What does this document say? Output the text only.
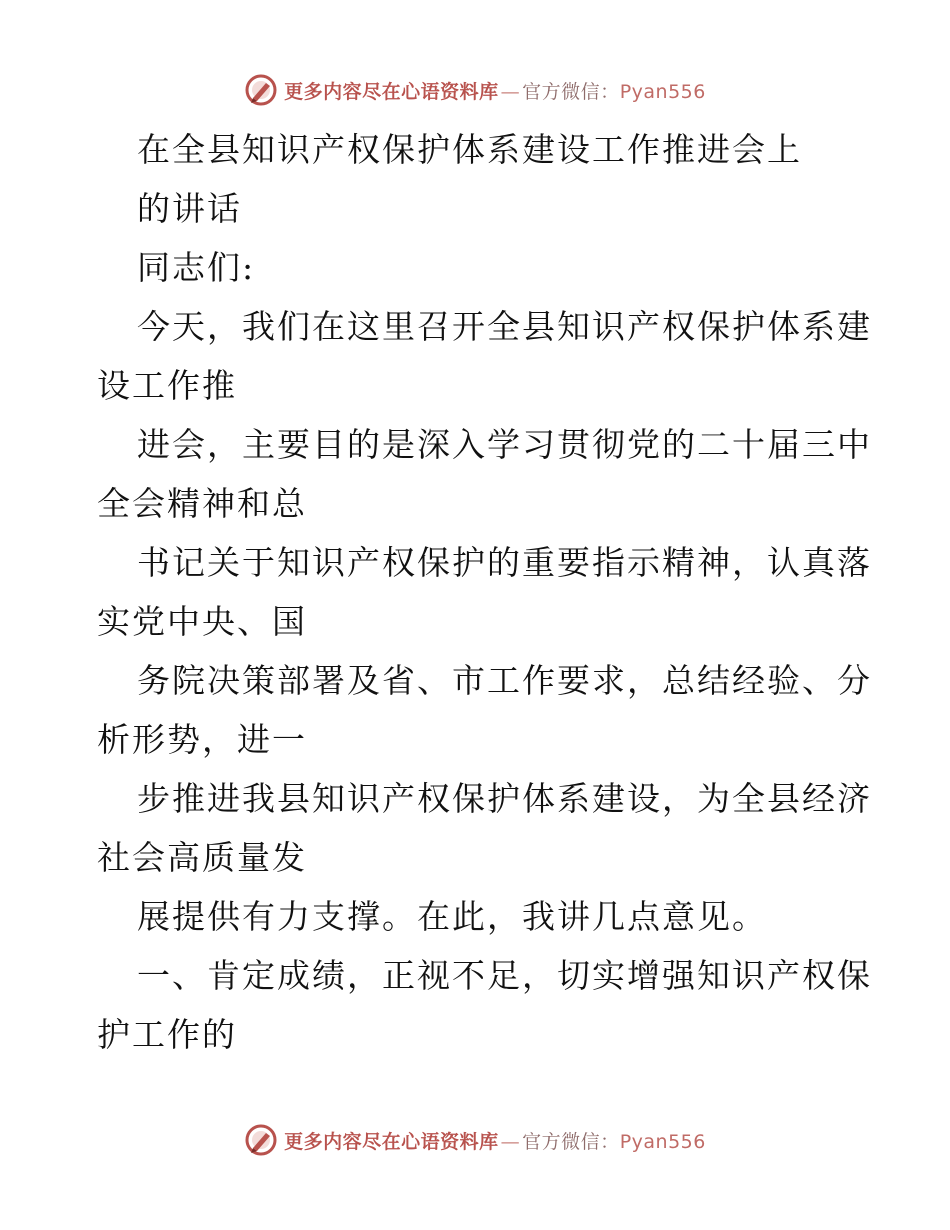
更多内容尽在心语资料库 — 官方微信：Pyan556
在全县知识产权保护体系建设工作推进会上
的讲话
同志们:
今天，我们在这里召开全县知识产权保护体系建
设工作推
进会，主要目的是深入学习贯彻党的二十届三中
全会精神和总
书记关于知识产权保护的重要指示精神，认真落
实党中央、国
务院决策部署及省、市工作要求，总结经验、分
析形势，进一
步推进我县知识产权保护体系建设，为全县经济
社会高质量发
展提供有力支撑。在此，我讲几点意见。
一、肯定成绩，正视不足，切实增强知识产权保
护工作的
更多内容尽在心语资料库 — 官方微信：Pyan556
